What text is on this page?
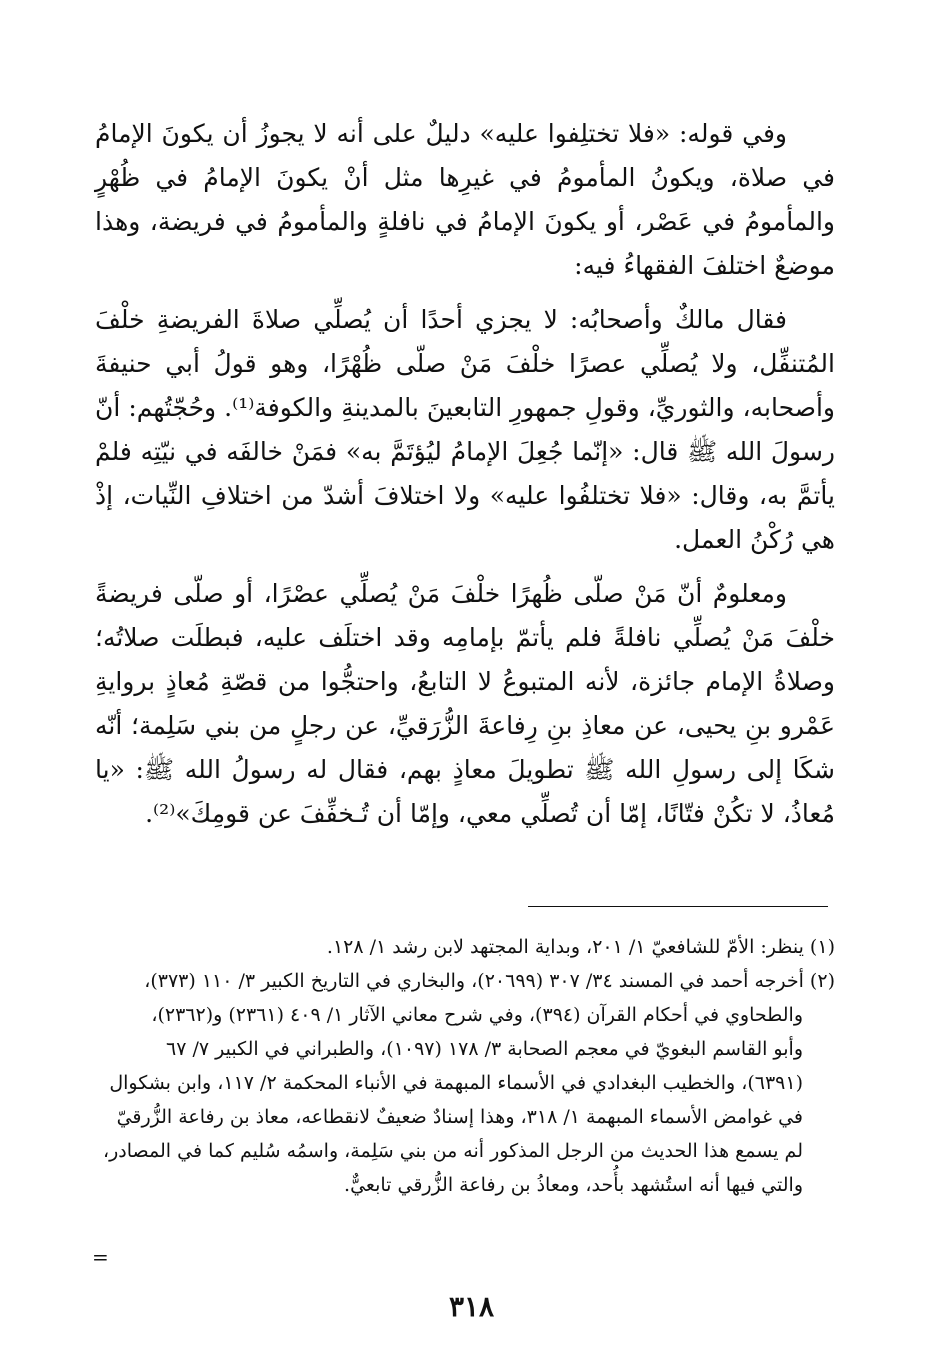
وفي قوله: «فلا تختلِفوا عليه» دليلٌ على أنه لا يجوزُ أن يكونَ الإمامُ في صلاة، ويكونُ المأمومُ في غيرِها مثل أنْ يكونَ الإمامُ في ظُهْرٍ والمأمومُ في عَصْر، أو يكونَ الإمامُ في نافلةٍ والمأمومُ في فريضة، وهذا موضعٌ اختلفَ الفقهاءُ فيه:

فقال مالكٌ وأصحابُه: لا يجزي أحدًا أن يُصلِّي صلاةَ الفريضةِ خلْفَ المُتنفِّل، ولا يُصلِّي عصرًا خلْفَ مَنْ صلّى ظُهْرًا، وهو قولُ أبي حنيفةَ وأصحابه، والثوريِّ، وقولِ جمهورِ التابعينَ بالمدينةِ والكوفة⁽¹⁾. وحُجّتُهم: أنّ رسولَ الله ﷺ قال: «إنّما جُعِلَ الإمامُ ليُؤتَمَّ به» فمَنْ خالفَه في نيّتِه فلمْ يأتمَّ به، وقال: «فلا تختلفُوا عليه» ولا اختلافَ أشدّ من اختلافِ النِّيات، إذْ هي رُكْنُ العمل.

ومعلومٌ أنّ مَنْ صلّى ظُهرًا خلْفَ مَنْ يُصلِّي عصْرًا، أو صلّى فريضةً خلْفَ مَنْ يُصلِّي نافلةً فلم يأتمّ بإمامِه وقد اختلَف عليه، فبطلَت صلاتُه؛ وصلاةُ الإمام جائزة، لأنه المتبوعُ لا التابعُ، واحتجُّوا من قصّةِ مُعاذٍ بروايةِ عَمْرو بنِ يحيى، عن معاذِ بنِ رِفاعةَ الزُّرَقيِّ، عن رجلٍ من بني سَلِمة؛ أنّه شكَا إلى رسولِ الله ﷺ تطويلَ معاذٍ بهم، فقال له رسولُ الله ﷺ: «يا مُعاذُ، لا تكُنْ فتّانًا، إمّا أن تُصلِّي معي، وإمّا أن تُـخفِّفَ عن قومِكَ»⁽²⁾.

(١) ينظر: الأمّ للشافعيّ ١/ ٢٠١، وبداية المجتهد لابن رشد ١/ ١٢٨.
(٢) أخرجه أحمد في المسند ٣٤/ ٣٠٧ (٢٠٦٩٩)، والبخاري في التاريخ الكبير ٣/ ١١٠ (٣٧٣)،
والطحاوي في أحكام القرآن (٣٩٤)، وفي شرح معاني الآثار ١/ ٤٠٩ (٢٣٦١) و(٢٣٦٢)،
وأبو القاسم البغويّ في معجم الصحابة ٣/ ١٧٨ (١٠٩٧)، والطبراني في الكبير ٧/ ٦٧
(٦٣٩١)، والخطيب البغدادي في الأسماء المبهمة في الأنباء المحكمة ٢/ ١١٧، وابن بشكوال
في غوامض الأسماء المبهمة ١/ ٣١٨، وهذا إسنادٌ ضعيفٌ لانقطاعه، معاذ بن رفاعة الزُّرقيّ
لم يسمع هذا الحديث من الرجل المذكور أنه من بني سَلِمة، واسمُه سُليم كما في المصادر،
والتي فيها أنه استُشهد بأُحد، ومعاذُ بن رفاعة الزُّرقي تابعيٌّ.
=
٣١٨
